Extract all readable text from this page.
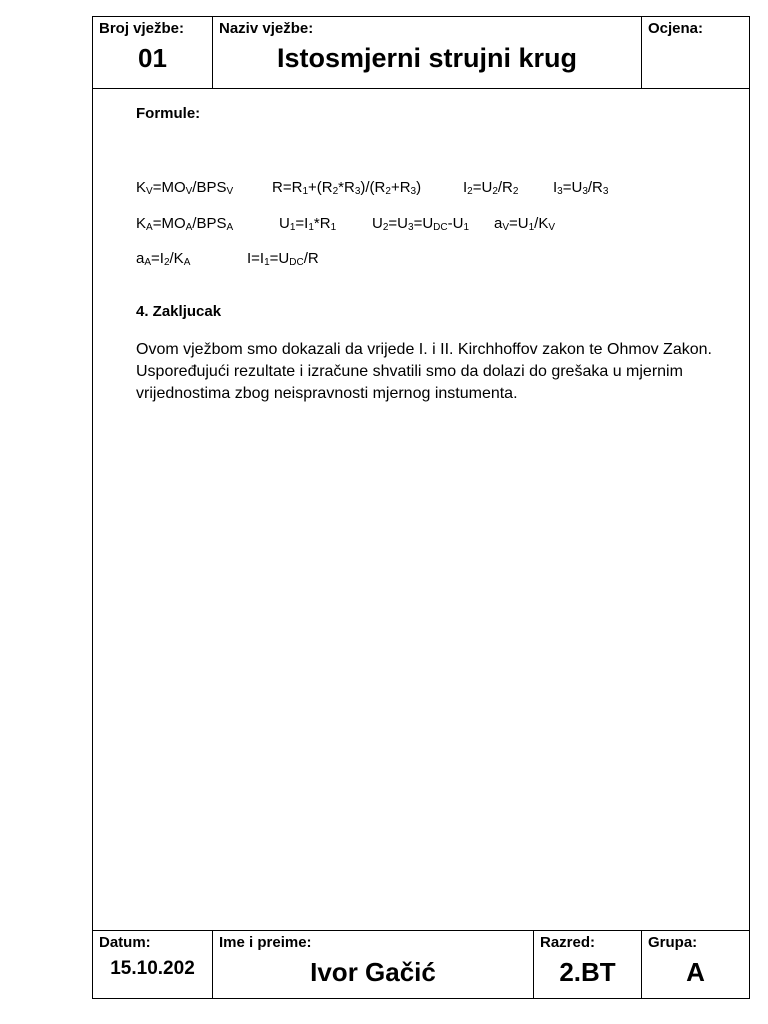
Broj vježbe:
01
Naziv vježbe:
Istosmjerni strujni krug
Ocjena:
Formule:
$K_V=MO_V/BPS_V$	$R=R_1+(R_2*R_3)/(R_2+R_3)$	$I_2=U_2/R_2$ $I_3=U_3/R_3$
$K_A=MO_A/BPS_A$	$U_1=I_1*R_1$ $U_2=U_3=U_{DC}-U_1$ $a_V=U_1/K_V$
$a_A=I_2/K_A$	$I=I_1=U_{DC}/R$
4. Zakljucak
Ovom vježbom smo dokazali da vrijede I. i II. Kirchhoffov zakon te Ohmov Zakon. Uspoređujući rezultate i izračune shvatili smo da dolazi do grešaka u mjernim vrijednostima zbog neispravnosti mjernog instumenta.
Datum:
15.10.202
Ime i preime:
Ivor Gačić
Razred:
2.BT
Grupa:
A
